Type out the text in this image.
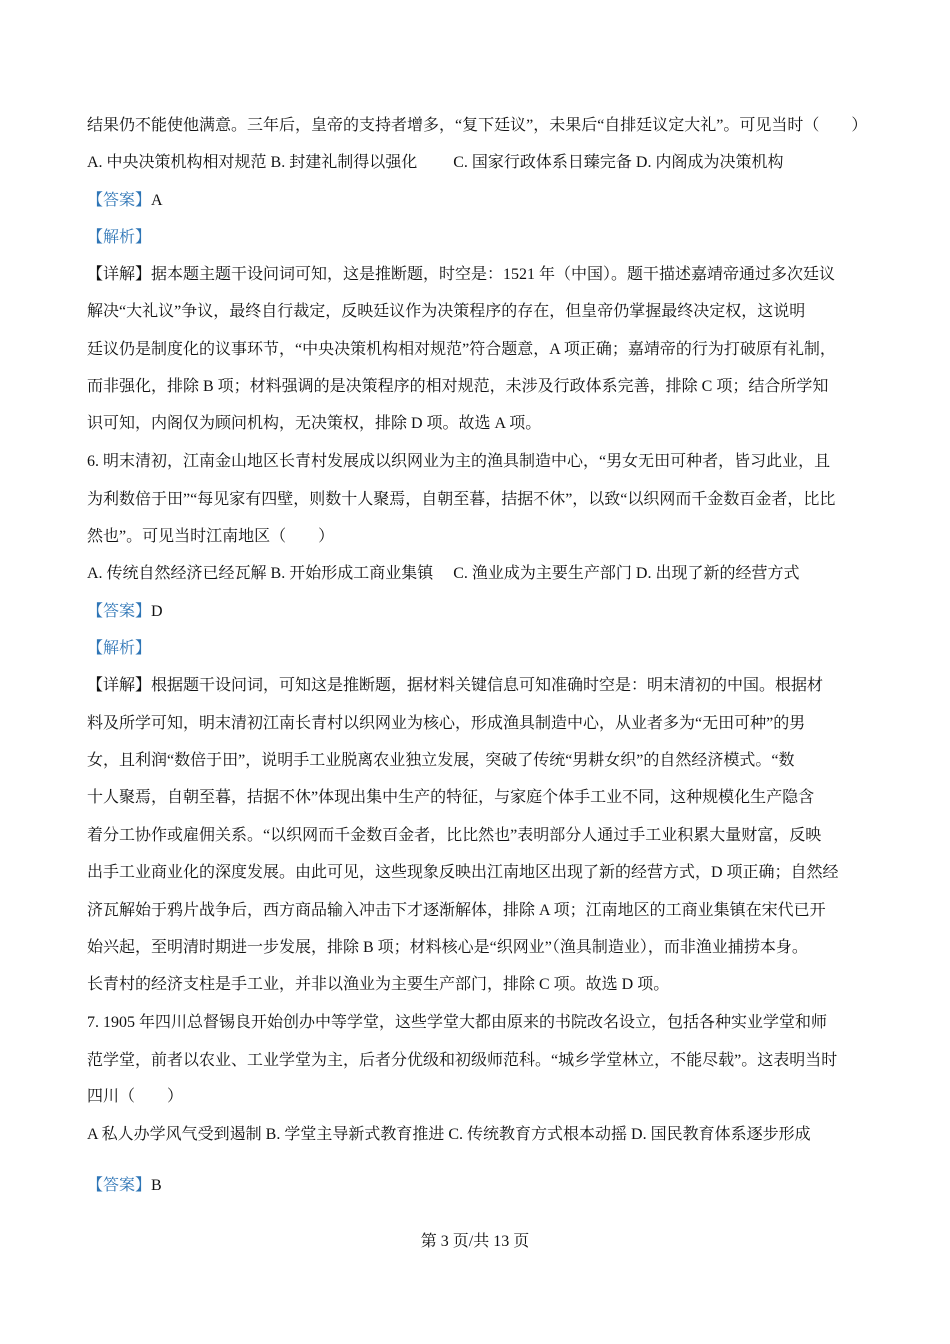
结果仍不能使他满意。三年后，皇帝的支持者增多，“复下廷议”，未果后“自排廷议定大礼”。可见当时（　　）
A. 中央决策机构相对规范 B. 封建礼制得以强化　　 C. 国家行政体系日臻完备 D. 内阁成为决策机构
【答案】A
【解析】
【详解】据本题主题干设问词可知，这是推断题，时空是：1521 年（中国）。题干描述嘉靖帝通过多次廷议
解决“大礼议”争议，最终自行裁定，反映廷议作为决策程序的存在，但皇帝仍掌握最终决定权，这说明
廷议仍是制度化的议事环节，“中央决策机构相对规范”符合题意，A 项正确；嘉靖帝的行为打破原有礼制，
而非强化，排除 B 项；材料强调的是决策程序的相对规范，未涉及行政体系完善，排除 C 项；结合所学知
识可知，内阁仅为顾问机构，无决策权，排除 D 项。故选 A 项。
6. 明末清初，江南金山地区长青村发展成以织网业为主的渔具制造中心，“男女无田可种者，皆习此业，且
为利数倍于田”“每见家有四壁，则数十人聚焉，自朝至暮，拮据不休”，以致“以织网而千金数百金者，比比
然也”。可见当时江南地区（　　）
A. 传统自然经济已经瓦解 B. 开始形成工商业集镇　 C. 渔业成为主要生产部门 D. 出现了新的经营方式
【答案】D
【解析】
【详解】根据题干设问词，可知这是推断题，据材料关键信息可知准确时空是：明末清初的中国。根据材
料及所学可知，明末清初江南长青村以织网业为核心，形成渔具制造中心，从业者多为“无田可种”的男
女，且利润“数倍于田”，说明手工业脱离农业独立发展，突破了传统“男耕女织”的自然经济模式。“数
十人聚焉，自朝至暮，拮据不休”体现出集中生产的特征，与家庭个体手工业不同，这种规模化生产隐含
着分工协作或雇佣关系。“以织网而千金数百金者，比比然也”表明部分人通过手工业积累大量财富，反映
出手工业商业化的深度发展。由此可见，这些现象反映出江南地区出现了新的经营方式，D 项正确；自然经
济瓦解始于鸦片战争后，西方商品输入冲击下才逐渐解体，排除 A 项；江南地区的工商业集镇在宋代已开
始兴起，至明清时期进一步发展，排除 B 项；材料核心是“织网业”（渔具制造业），而非渔业捕捞本身。
长青村的经济支柱是手工业，并非以渔业为主要生产部门，排除 C 项。故选 D 项。
7. 1905 年四川总督锡良开始创办中等学堂，这些学堂大都由原来的书院改名设立，包括各种实业学堂和师
范学堂，前者以农业、工业学堂为主，后者分优级和初级师范科。“城乡学堂林立，不能尽载”。这表明当时
四川（　　）
A 私人办学风气受到遏制 B. 学堂主导新式教育推进 C. 传统教育方式根本动摇 D. 国民教育体系逐步形成
【答案】B
第 3 页/共 13 页
